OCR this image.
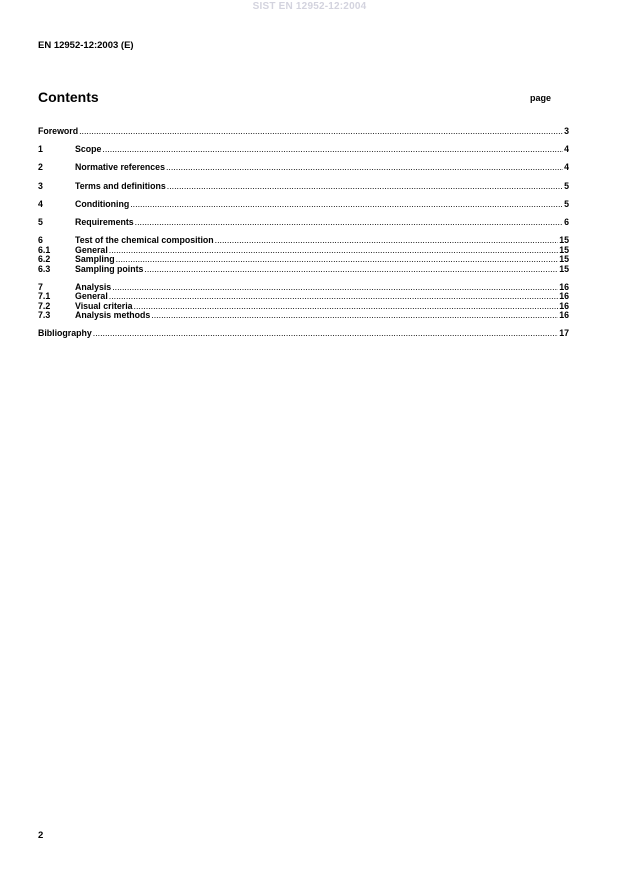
SIST EN 12952-12:2004
EN 12952-12:2003 (E)
Contents	page
Foreword .....	3
1	Scope .....	4
2	Normative references .....	4
3	Terms and definitions .....	5
4	Conditioning .....	5
5	Requirements .....	6
6	Test of the chemical composition .....	15
6.1	General .....	15
6.2	Sampling .....	15
6.3	Sampling points .....	15
7	Analysis .....	16
7.1	General .....	16
7.2	Visual criteria .....	16
7.3	Analysis methods .....	16
Bibliography .....	17
2
